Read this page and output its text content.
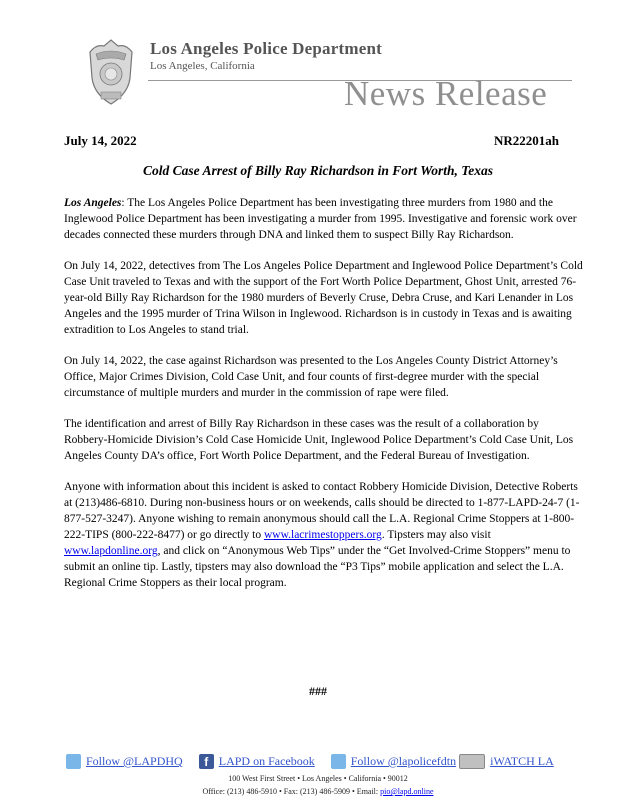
Los Angeles Police Department
Los Angeles, California
News Release
July 14, 2022	NR22201ah
Cold Case Arrest of Billy Ray Richardson in Fort Worth, Texas

Los Angeles: The Los Angeles Police Department has been investigating three murders from 1980 and the Inglewood Police Department has been investigating a murder from 1995. Investigative and forensic work over decades connected these murders through DNA and linked them to suspect Billy Ray Richardson.

On July 14, 2022, detectives from The Los Angeles Police Department and Inglewood Police Department’s Cold Case Unit traveled to Texas and with the support of the Fort Worth Police Department, Ghost Unit, arrested 76-year-old Billy Ray Richardson for the 1980 murders of Beverly Cruse, Debra Cruse, and Kari Lenander in Los Angeles and the 1995 murder of Trina Wilson in Inglewood. Richardson is in custody in Texas and is awaiting extradition to Los Angeles to stand trial.

On July 14, 2022, the case against Richardson was presented to the Los Angeles County District Attorney’s Office, Major Crimes Division, Cold Case Unit, and four counts of first-degree murder with the special circumstance of multiple murders and murder in the commission of rape were filed.

The identification and arrest of Billy Ray Richardson in these cases was the result of a collaboration by Robbery-Homicide Division’s Cold Case Homicide Unit, Inglewood Police Department’s Cold Case Unit, Los Angeles County DA’s office, Fort Worth Police Department, and the Federal Bureau of Investigation.

Anyone with information about this incident is asked to contact Robbery Homicide Division, Detective Roberts at (213)486-6810. During non-business hours or on weekends, calls should be directed to 1-877-LAPD-24-7 (1-877-527-3247). Anyone wishing to remain anonymous should call the L.A. Regional Crime Stoppers at 1-800-222-TIPS (800-222-8477) or go directly to www.lacrimestoppers.org. Tipsters may also visit www.lapdonline.org, and click on “Anonymous Web Tips” under the “Get Involved-Crime Stoppers” menu to submit an online tip. Lastly, tipsters may also download the “P3 Tips” mobile application and select the L.A. Regional Crime Stoppers as their local program.

###
Follow @LAPDHQ	f LAPD on Facebook	Follow @lapolicefdtn	iWATCH LA
100 West First Street • Los Angeles • California • 90012
Office: (213) 486-5910 • Fax: (213) 486-5909 • Email: pio@lapd.online
